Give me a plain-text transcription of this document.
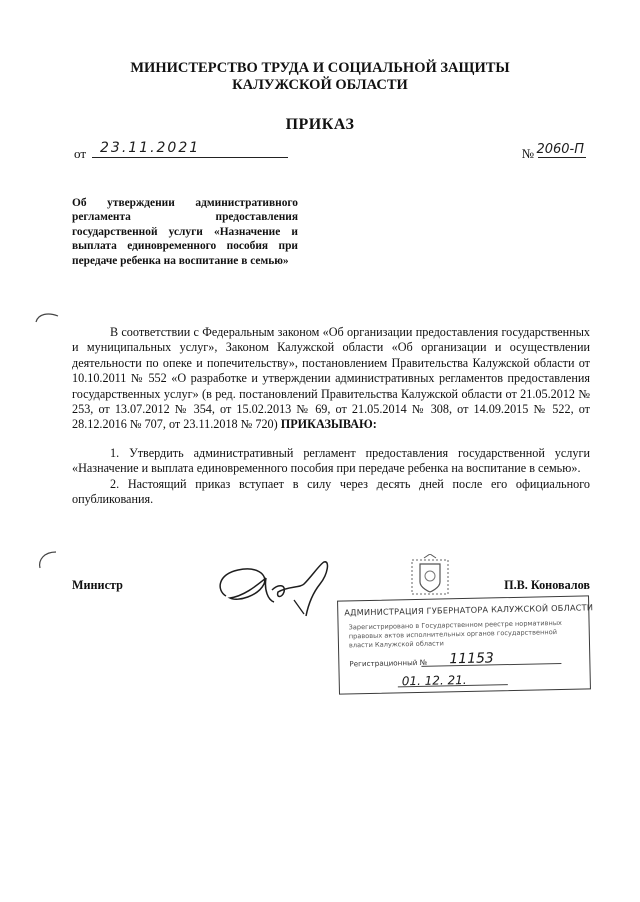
МИНИСТЕРСТВО ТРУДА И СОЦИАЛЬНОЙ ЗАЩИТЫ
КАЛУЖСКОЙ ОБЛАСТИ
ПРИКАЗ
от 23.11.2021	№ 2060-П
Об утверждении административного регламента предоставления государственной услуги «Назначение и выплата единовременного пособия при передаче ребенка на воспитание в семью»

В соответствии с Федеральным законом «Об организации предоставления государственных и муниципальных услуг», Законом Калужской области «Об организации и осуществлении деятельности по опеке и попечительству», постановлением Правительства Калужской области от 10.10.2011 № 552 «О разработке и утверждении административных регламентов предоставления государственных услуг» (в ред. постановлений Правительства Калужской области от 21.05.2012 № 253, от 13.07.2012 № 354, от 15.02.2013 № 69, от 21.05.2014 № 308, от 14.09.2015 № 522, от 28.12.2016 № 707, от 23.11.2018 № 720) ПРИКАЗЫВАЮ:

1. Утвердить административный регламент предоставления государственной услуги «Назначение и выплата единовременного пособия при передаче ребенка на воспитание в семью».

2. Настоящий приказ вступает в силу через десять дней после его официального опубликования.

Министр	П.В. Коновалов
АДМИНИСТРАЦИЯ ГУБЕРНАТОРА КАЛУЖСКОЙ ОБЛАСТИ
Зарегистрировано в Государственном реестре нормативных правовых актов исполнительных органов государственной власти Калужской области
Регистрационный № 11153
01. 12. 21.
